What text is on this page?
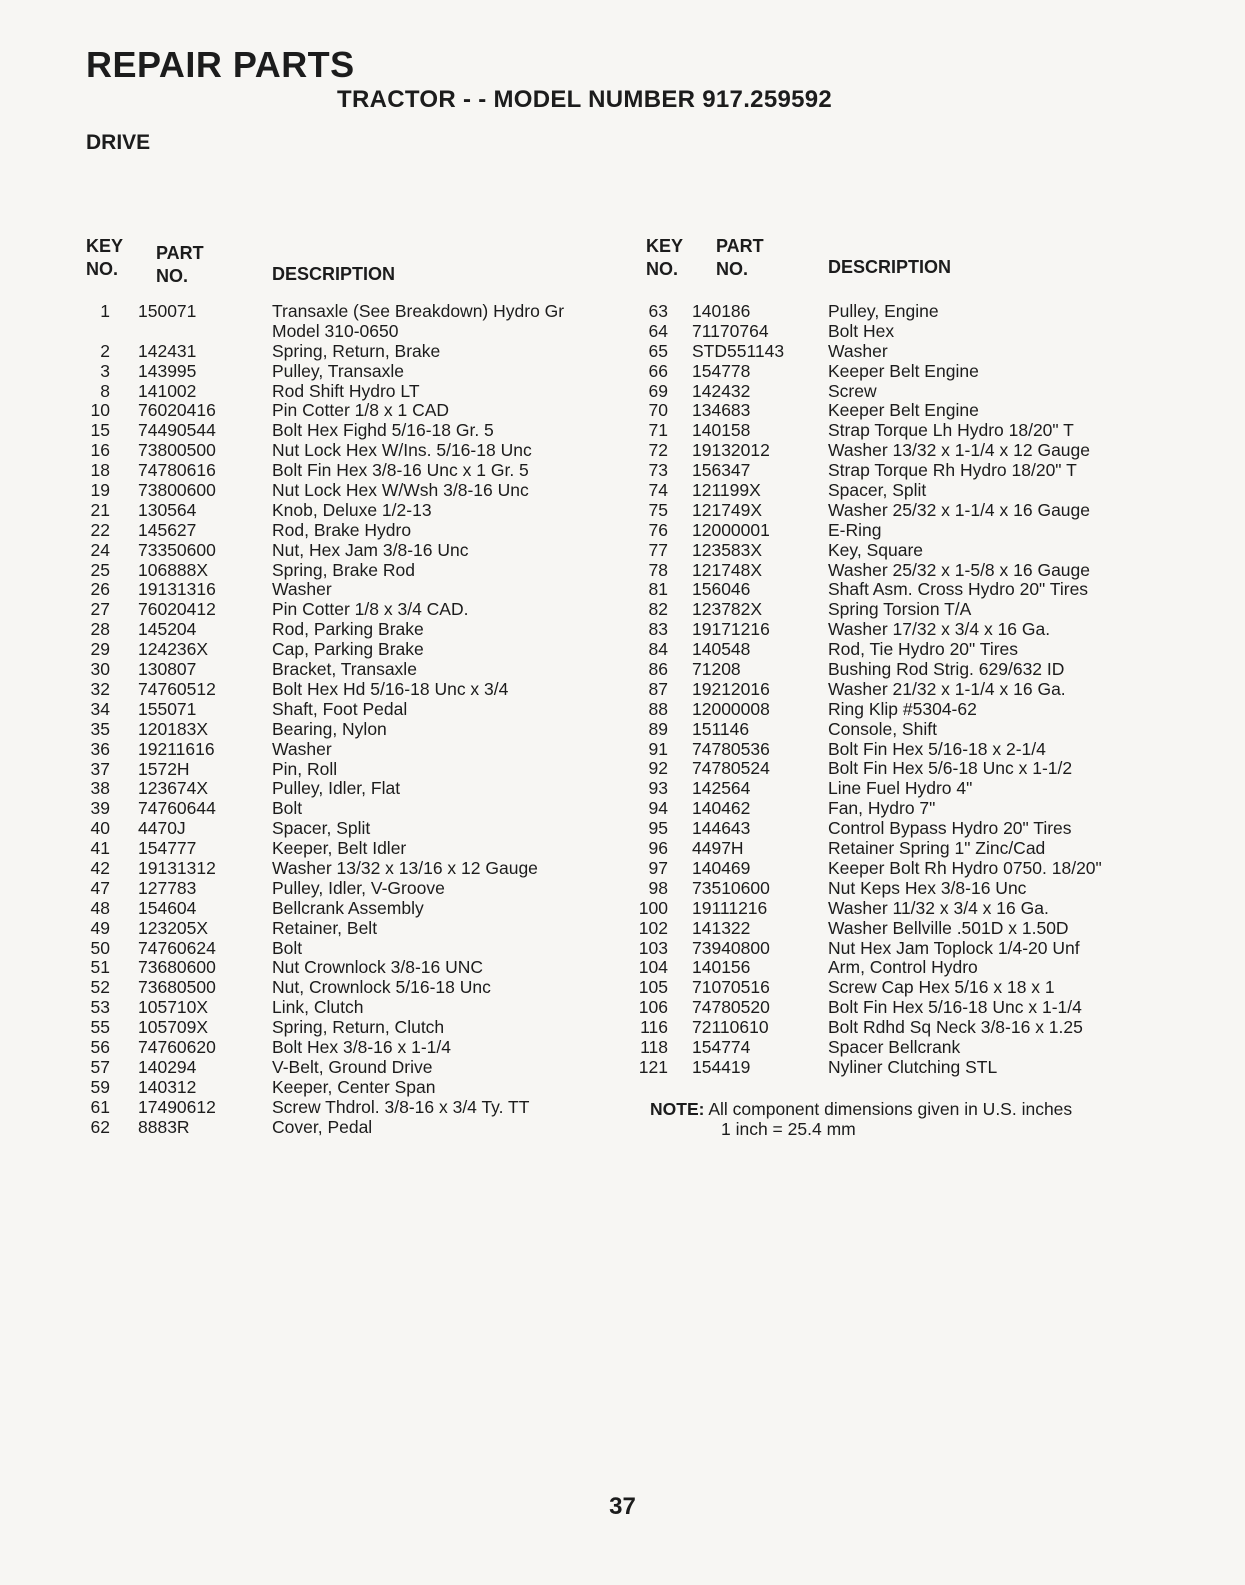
REPAIR PARTS
TRACTOR - - MODEL NUMBER 917.259592
DRIVE
KEY
NO.
PART
NO.	DESCRIPTION
1 150071	Transaxle (See Breakdown) Hydro Gr Model 310-0650
2 142431	Spring, Return, Brake
3 143995	Pulley, Transaxle
8 141002	Rod Shift Hydro LT
10 76020416	Pin Cotter 1/8 x 1 CAD
15 74490544	Bolt Hex Fighd 5/16-18 Gr. 5
16 73800500	Nut Lock Hex W/Ins. 5/16-18 Unc
18 74780616	Bolt Fin Hex 3/8-16 Unc x 1 Gr. 5
19 73800600	Nut Lock Hex W/Wsh 3/8-16 Unc
21 130564	Knob, Deluxe 1/2-13
22 145627	Rod, Brake Hydro
24 73350600	Nut, Hex Jam 3/8-16 Unc
25 106888X	Spring, Brake Rod
26 19131316	Washer
27 76020412	Pin Cotter 1/8 x 3/4 CAD.
28 145204	Rod, Parking Brake
29 124236X	Cap, Parking Brake
30 130807	Bracket, Transaxle
32 74760512	Bolt Hex Hd 5/16-18 Unc x 3/4
34 155071	Shaft, Foot Pedal
35 120183X	Bearing, Nylon
36 19211616	Washer
37 1572H	Pin, Roll
38 123674X	Pulley, Idler, Flat
39 74760644	Bolt
40 4470J	Spacer, Split
41 154777	Keeper, Belt Idler
42 19131312	Washer 13/32 x 13/16 x 12 Gauge
47 127783	Pulley, Idler, V-Groove
48 154604	Bellcrank Assembly
49 123205X	Retainer, Belt
50 74760624	Bolt
51 73680600	Nut Crownlock 3/8-16 UNC
52 73680500	Nut, Crownlock 5/16-18 Unc
53 105710X	Link, Clutch
55 105709X	Spring, Return, Clutch
56 74760620	Bolt Hex 3/8-16 x 1-1/4
57 140294	V-Belt, Ground Drive
59 140312	Keeper, Center Span
61 17490612	Screw Thdrol. 3/8-16 x 3/4 Ty. TT
62 8883R	Cover, Pedal
KEY
NO.
PART
NO.	DESCRIPTION
63 140186	Pulley, Engine
64 71170764	Bolt Hex
65 STD551143	Washer
66 154778	Keeper Belt Engine
69 142432	Screw
70 134683	Keeper Belt Engine
71 140158	Strap Torque Lh Hydro 18/20" T
72 19132012	Washer 13/32 x 1-1/4 x 12 Gauge
73 156347	Strap Torque Rh Hydro 18/20" T
74 121199X	Spacer, Split
75 121749X	Washer 25/32 x 1-1/4 x 16 Gauge
76 12000001	E-Ring
77 123583X	Key, Square
78 121748X	Washer 25/32 x 1-5/8 x 16 Gauge
81 156046	Shaft Asm. Cross Hydro 20" Tires
82 123782X	Spring Torsion T/A
83 19171216	Washer 17/32 x 3/4 x 16 Ga.
84 140548	Rod, Tie Hydro 20" Tires
86 71208	Bushing Rod Strig. 629/632 ID
87 19212016	Washer 21/32 x 1-1/4 x 16 Ga.
88 12000008	Ring Klip #5304-62
89 151146	Console, Shift
91 74780536	Bolt Fin Hex 5/16-18 x 2-1/4
92 74780524	Bolt Fin Hex 5/6-18 Unc x 1-1/2
93 142564	Line Fuel Hydro 4"
94 140462	Fan, Hydro 7"
95 144643	Control Bypass Hydro 20" Tires
96 4497H	Retainer Spring 1" Zinc/Cad
97 140469	Keeper Bolt Rh Hydro 0750. 18/20"
98 73510600	Nut Keps Hex 3/8-16 Unc
100 19111216	Washer 11/32 x 3/4 x 16 Ga.
102 141322	Washer Bellville .501D x 1.50D
103 73940800	Nut Hex Jam Toplock 1/4-20 Unf
104 140156	Arm, Control Hydro
105 71070516	Screw Cap Hex 5/16 x 18 x 1
106 74780520	Bolt Fin Hex 5/16-18 Unc x 1-1/4
116 72110610	Bolt Rdhd Sq Neck 3/8-16 x 1.25
118 154774	Spacer Bellcrank
121 154419	Nyliner Clutching STL
NOTE: All component dimensions given in U.S. inches
1 inch = 25.4 mm
37
